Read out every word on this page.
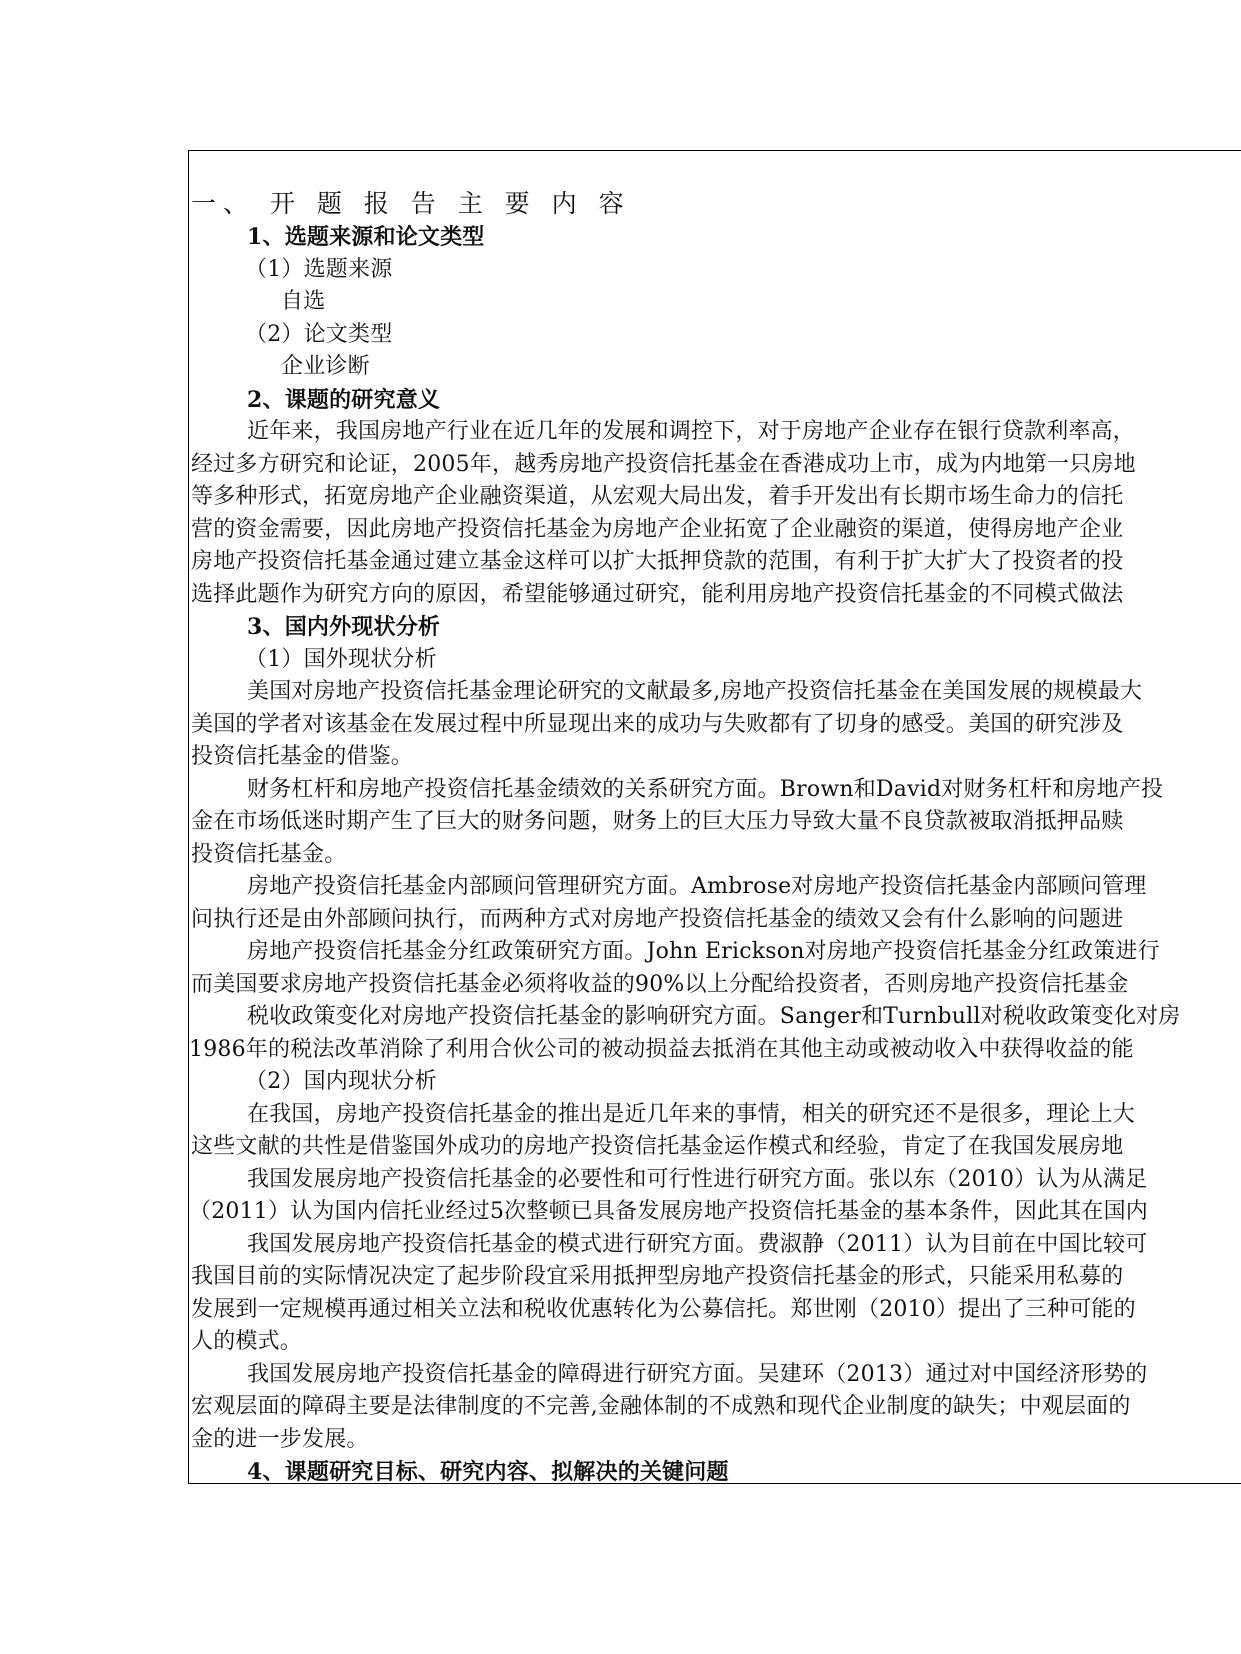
一、 开 题 报 告 主 要 内 容
1、选题来源和论文类型
（1）选题来源
自选
（2）论文类型
企业诊断
2、课题的研究意义
近年来，我国房地产行业在近几年的发展和调控下，对于房地产企业存在银行贷款利率高，
经过多方研究和论证，2005年，越秀房地产投资信托基金在香港成功上市，成为内地第一只房地
等多种形式，拓宽房地产企业融资渠道，从宏观大局出发，着手开发出有长期市场生命力的信托
营的资金需要，因此房地产投资信托基金为房地产企业拓宽了企业融资的渠道，使得房地产企业
房地产投资信托基金通过建立基金这样可以扩大抵押贷款的范围，有利于扩大扩大了投资者的投
选择此题作为研究方向的原因，希望能够通过研究，能利用房地产投资信托基金的不同模式做法
3、国内外现状分析
（1）国外现状分析
美国对房地产投资信托基金理论研究的文献最多,房地产投资信托基金在美国发展的规模最大
美国的学者对该基金在发展过程中所显现出来的成功与失败都有了切身的感受。美国的研究涉及
投资信托基金的借鉴。
财务杠杆和房地产投资信托基金绩效的关系研究方面。Brown和David对财务杠杆和房地产投
金在市场低迷时期产生了巨大的财务问题，财务上的巨大压力导致大量不良贷款被取消抵押品赎
投资信托基金。
房地产投资信托基金内部顾问管理研究方面。Ambrose对房地产投资信托基金内部顾问管理
问执行还是由外部顾问执行，而两种方式对房地产投资信托基金的绩效又会有什么影响的问题进
房地产投资信托基金分红政策研究方面。John Erickson对房地产投资信托基金分红政策进行
而美国要求房地产投资信托基金必须将收益的90%以上分配给投资者，否则房地产投资信托基金
税收政策变化对房地产投资信托基金的影响研究方面。Sanger和Turnbull对税收政策变化对房
1986年的税法改革消除了利用合伙公司的被动损益去抵消在其他主动或被动收入中获得收益的能
（2）国内现状分析
在我国，房地产投资信托基金的推出是近几年来的事情，相关的研究还不是很多，理论上大
这些文献的共性是借鉴国外成功的房地产投资信托基金运作模式和经验，肯定了在我国发展房地
我国发展房地产投资信托基金的必要性和可行性进行研究方面。张以东（2010）认为从满足
（2011）认为国内信托业经过5次整顿已具备发展房地产投资信托基金的基本条件，因此其在国内
我国发展房地产投资信托基金的模式进行研究方面。费淑静（2011）认为目前在中国比较可
我国目前的实际情况决定了起步阶段宜采用抵押型房地产投资信托基金的形式，只能采用私募的
发展到一定规模再通过相关立法和税收优惠转化为公募信托。郑世刚（2010）提出了三种可能的
人的模式。
我国发展房地产投资信托基金的障碍进行研究方面。吴建环（2013）通过对中国经济形势的
宏观层面的障碍主要是法律制度的不完善,金融体制的不成熟和现代企业制度的缺失；中观层面的
金的进一步发展。
4、课题研究目标、研究内容、拟解决的关键问题
